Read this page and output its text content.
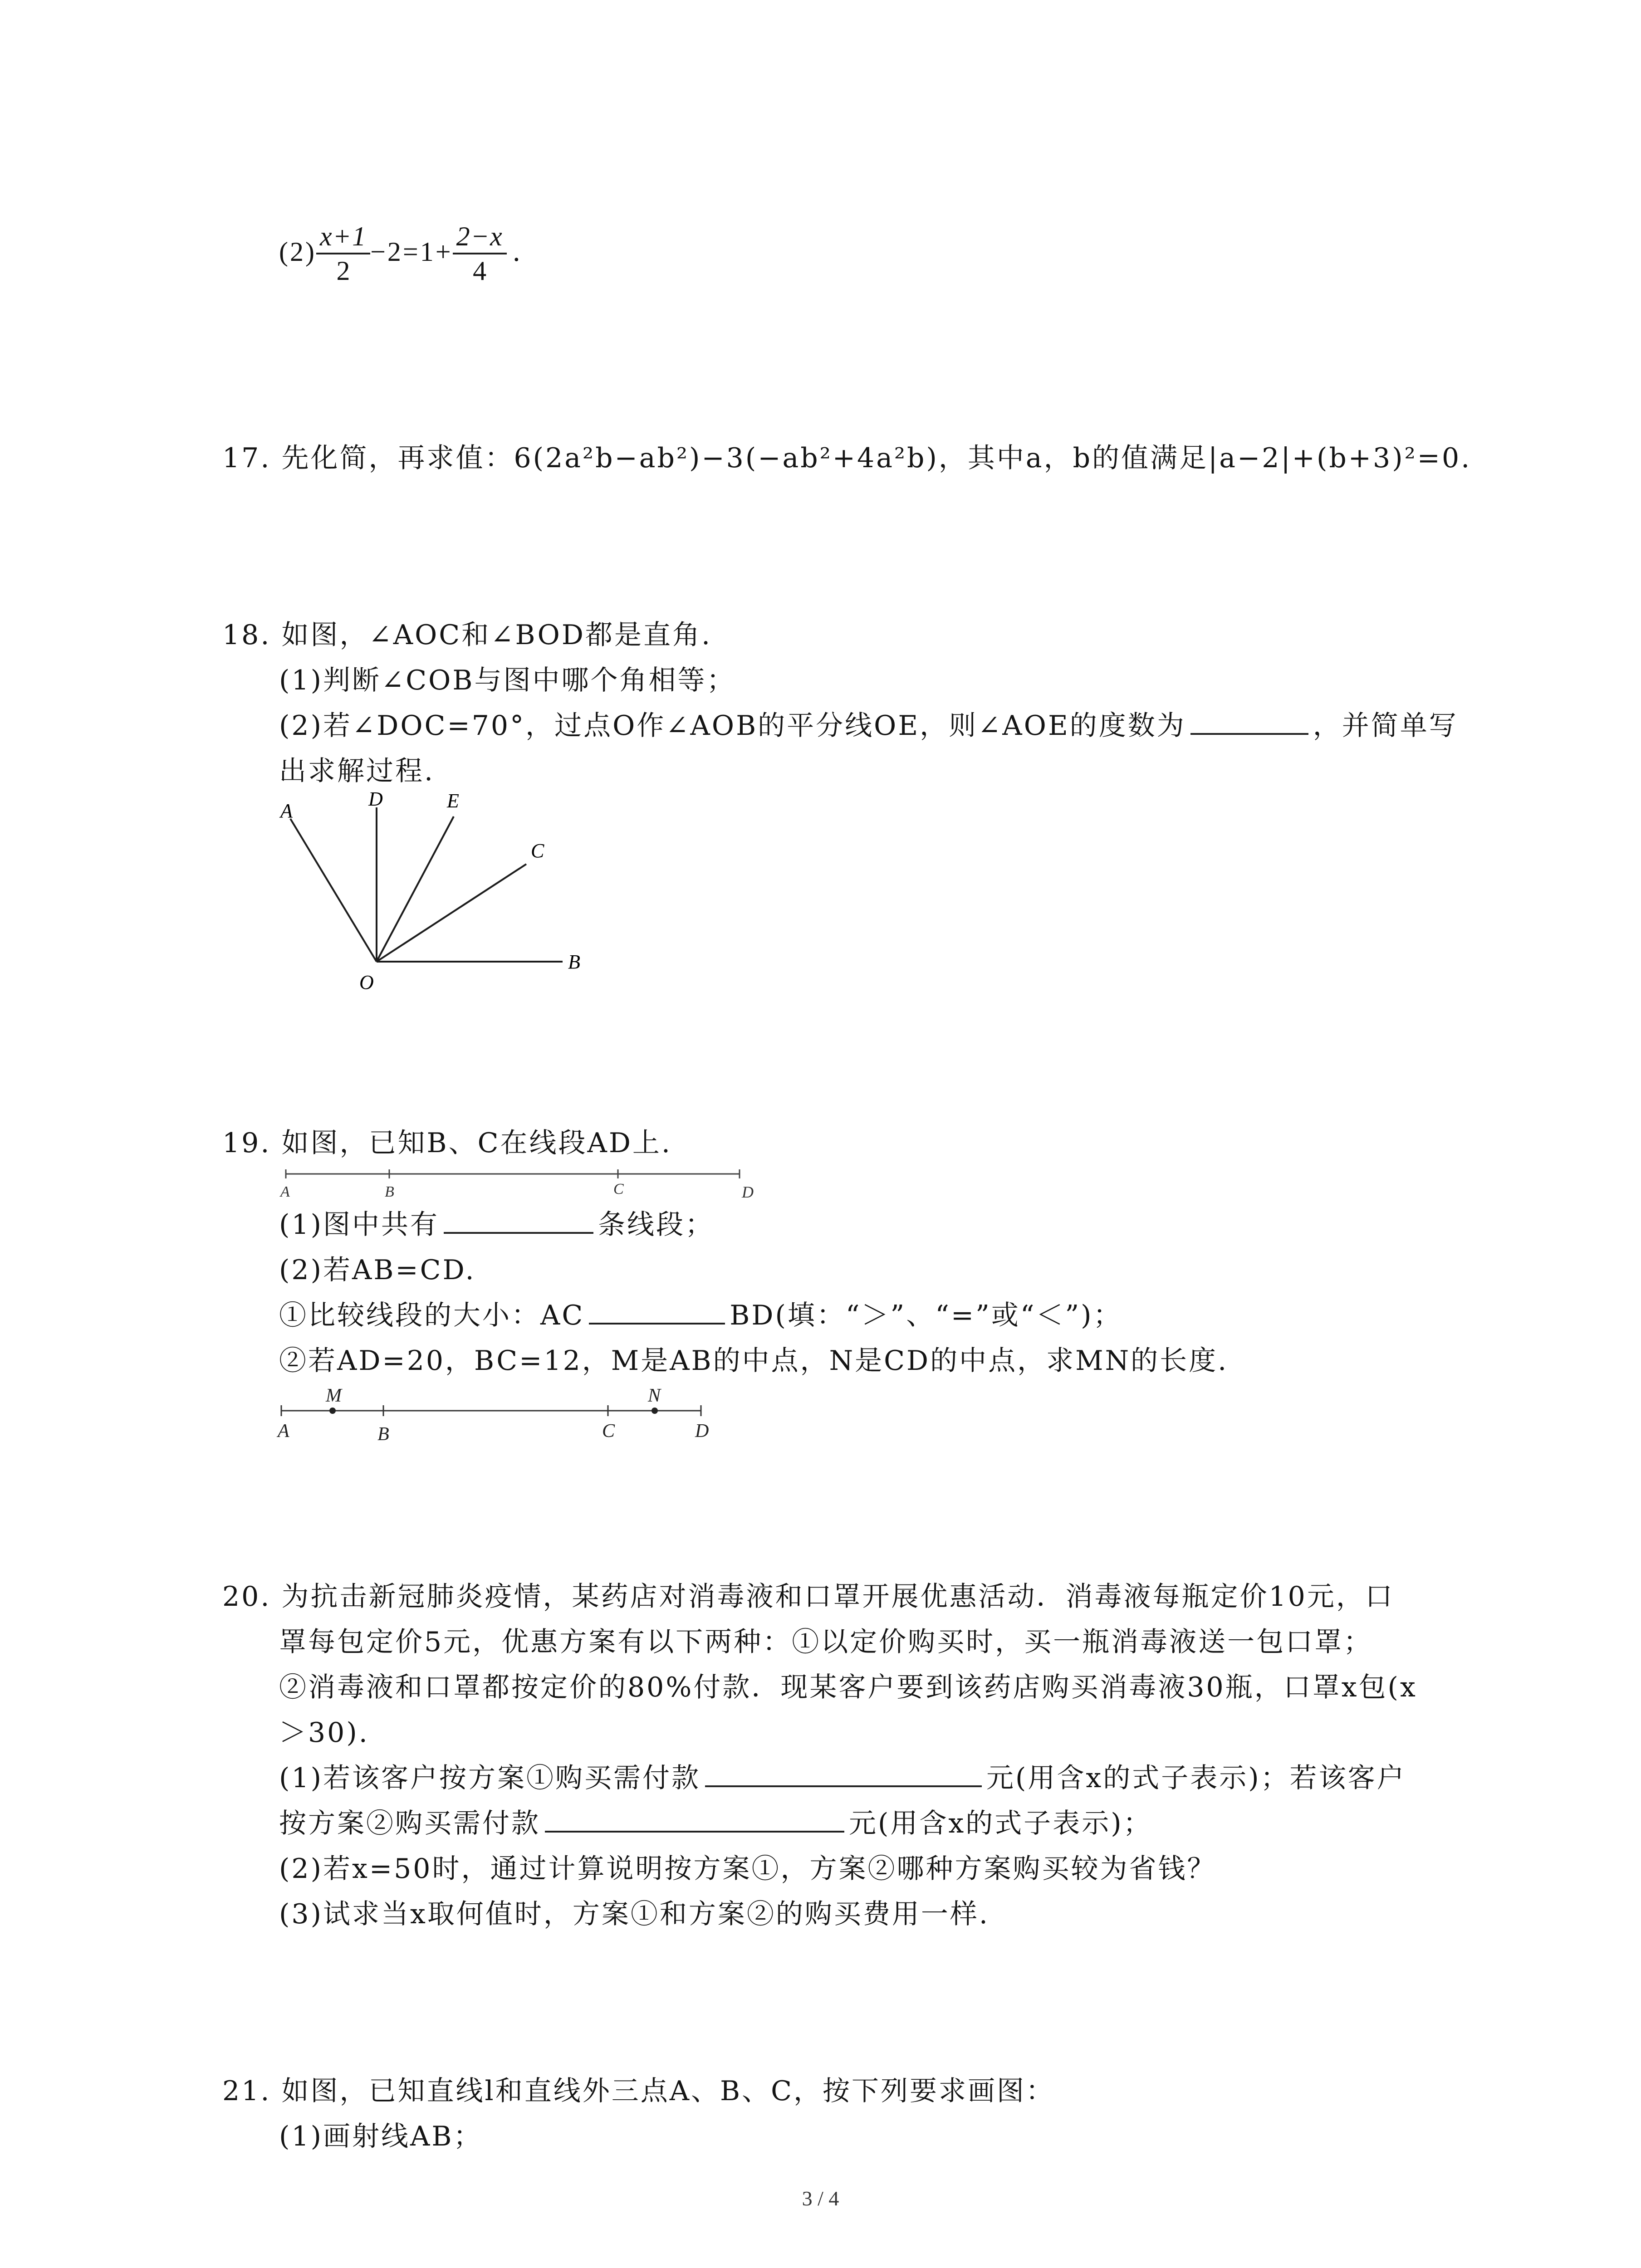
$(2) \frac{x+1}{2} -2=1+ \frac{2-x}{4}$ .
17. 先化简，再求值：6(2a²b−ab²)−3(−ab²+4a²b)，其中a，b的值满足|a−2|+(b+3)²=0.
18. 如图，∠AOC和∠BOD都是直角.
(1)判断∠COB与图中哪个角相等；
(2)若∠DOC=70°，过点O作∠AOB的平分线OE，则∠AOE的度数为	，并简单写
出求解过程.
A
D	E
C
O
B
19. 如图，已知B、C在线段AD上.
A	B	C	D
(1)图中共有	条线段；
(2)若AB=CD.
①比较线段的大小：AC	BD(填：“＞”、“=”或“＜”)；
②若AD=20，BC=12，M是AB的中点，N是CD的中点，求MN的长度.
A
M
B	C
N
D
20. 为抗击新冠肺炎疫情，某药店对消毒液和口罩开展优惠活动．消毒液每瓶定价10元，口
罩每包定价5元，优惠方案有以下两种：①以定价购买时，买一瓶消毒液送一包口罩；
②消毒液和口罩都按定价的80%付款．现某客户要到该药店购买消毒液30瓶，口罩x包(x
＞30).
(1)若该客户按方案①购买需付款	元(用含x的式子表示)；若该客户
按方案②购买需付款	元(用含x的式子表示)；
(2)若x=50时，通过计算说明按方案①，方案②哪种方案购买较为省钱？
(3)试求当x取何值时，方案①和方案②的购买费用一样.
21. 如图，已知直线l和直线外三点A、B、C，按下列要求画图：
(1)画射线AB；
3 / 4
